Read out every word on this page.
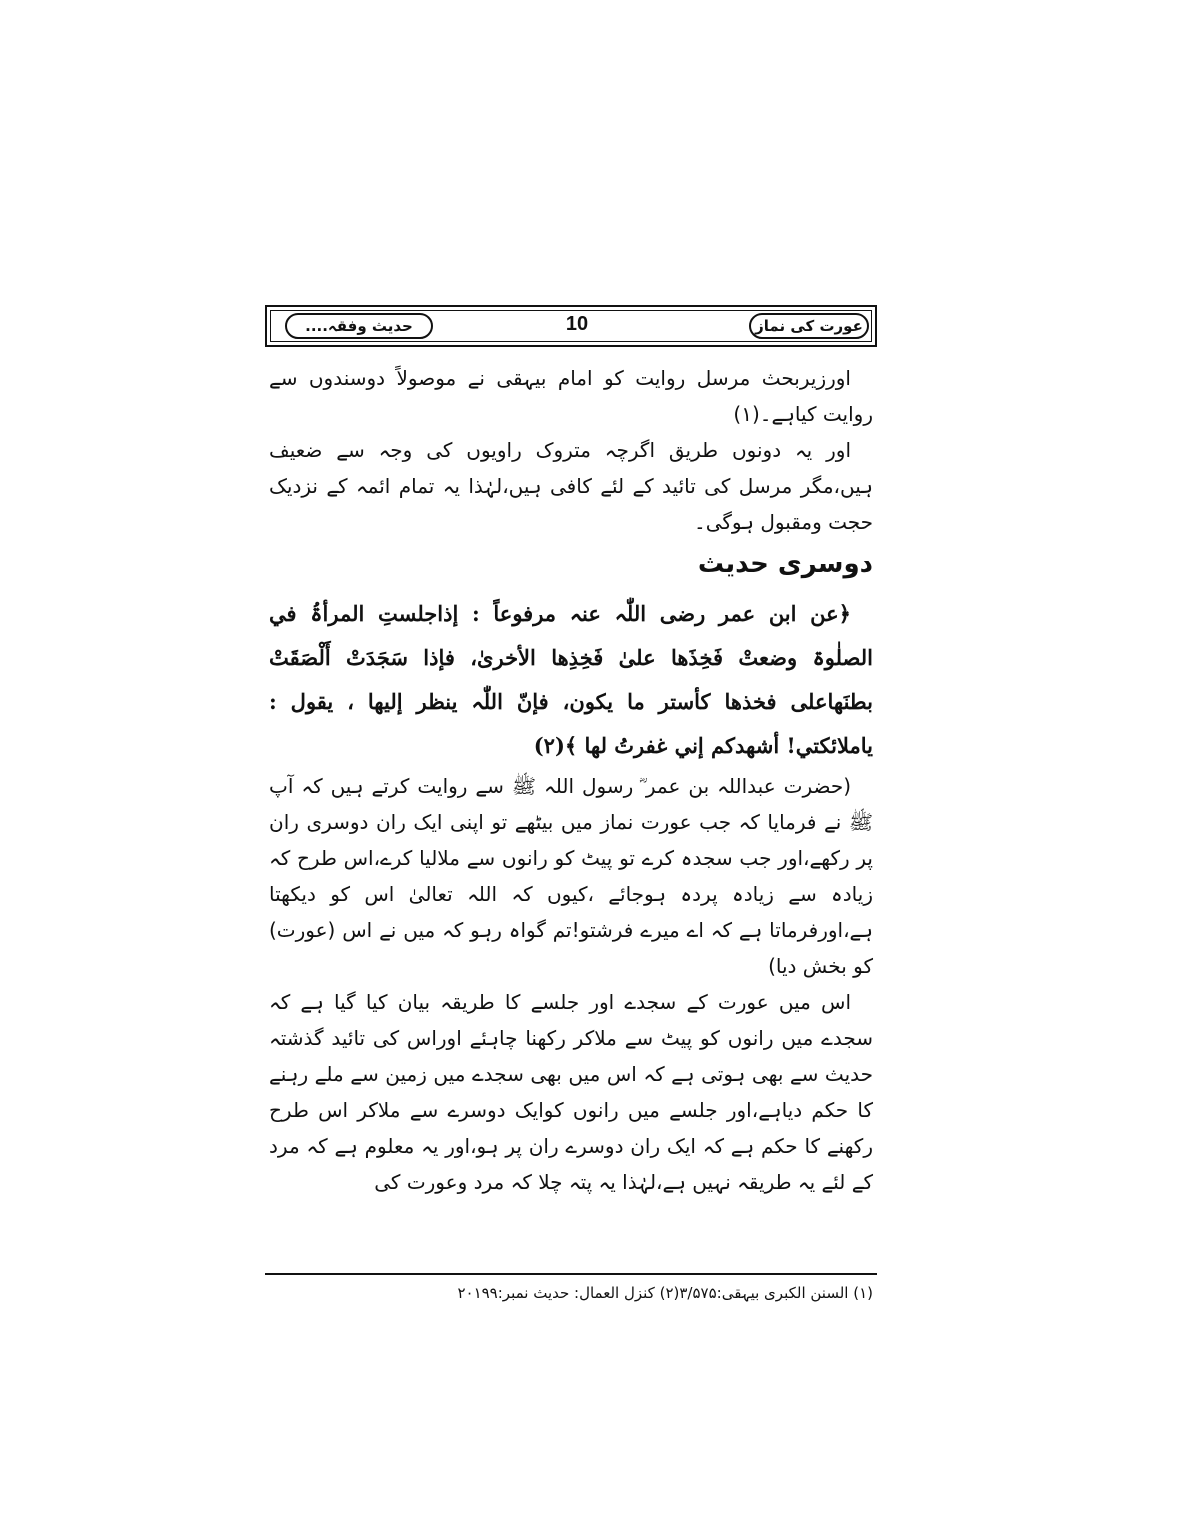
عورت کی نماز
10
حدیث وفقہ....

اورزیربحث مرسل روایت کو امام بیہقی نے موصولاً دوسندوں سے روایت کیاہے۔(۱)

اور یہ دونوں طریق اگرچہ متروک راویوں کی وجہ سے ضعیف ہیں،مگر مرسل کی تائید کے لئے کافی ہیں،لہٰذا یہ تمام ائمہ کے نزدیک حجت ومقبول ہوگی۔

دوسری حدیث

﴿عن ابن عمر رضی اللّٰہ عنہ مرفوعاً : إذاجلستِ المرأۃُ في الصلٰوۃ وضعتْ فَخِذَھا علیٰ فَخِذِھا الأخریٰ، فإذا سَجَدَتْ أَلْصَقَتْ بطنَھاعلی فخذھا کأستر ما یکون، فإنّ اللّٰہ ینظر إلیھا ، یقول : یاملائکتي! أشھدکم إني غفرتُ لھا ﴾(۲)

(حضرت عبداللہ بن عمر ؓ رسول اللہ ﷺ سے روایت کرتے ہیں کہ آپ ﷺ نے فرمایا کہ جب عورت نماز میں بیٹھے تو اپنی ایک ران دوسری ران پر رکھے،اور جب سجدہ کرے تو پیٹ کو رانوں سے ملالیا کرے،اس طرح کہ زیادہ سے زیادہ پردہ ہوجائے ،کیوں کہ اللہ تعالیٰ اس کو دیکھتا ہے،اورفرماتا ہے کہ اے میرے فرشتو!تم گواہ رہو کہ میں نے اس (عورت) کو بخش دیا)

اس میں عورت کے سجدے اور جلسے کا طریقہ بیان کیا گیا ہے کہ سجدے میں رانوں کو پیٹ سے ملاکر رکھنا چاہئے اوراس کی تائید گذشتہ حدیث سے بھی ہوتی ہے کہ اس میں بھی سجدے میں زمین سے ملے رہنے کا حکم دیاہے،اور جلسے میں رانوں کوایک دوسرے سے ملاکر اس طرح رکھنے کا حکم ہے کہ ایک ران دوسرے ران پر ہو،اور یہ معلوم ہے کہ مرد کے لئے یہ طریقہ نہیں ہے،لہٰذا یہ پتہ چلا کہ مرد وعورت کی

(۱) السنن الکبری بیہقی:۳/۵۷۵(۲) کنزل العمال: حدیث نمبر:۲۰۱۹۹
